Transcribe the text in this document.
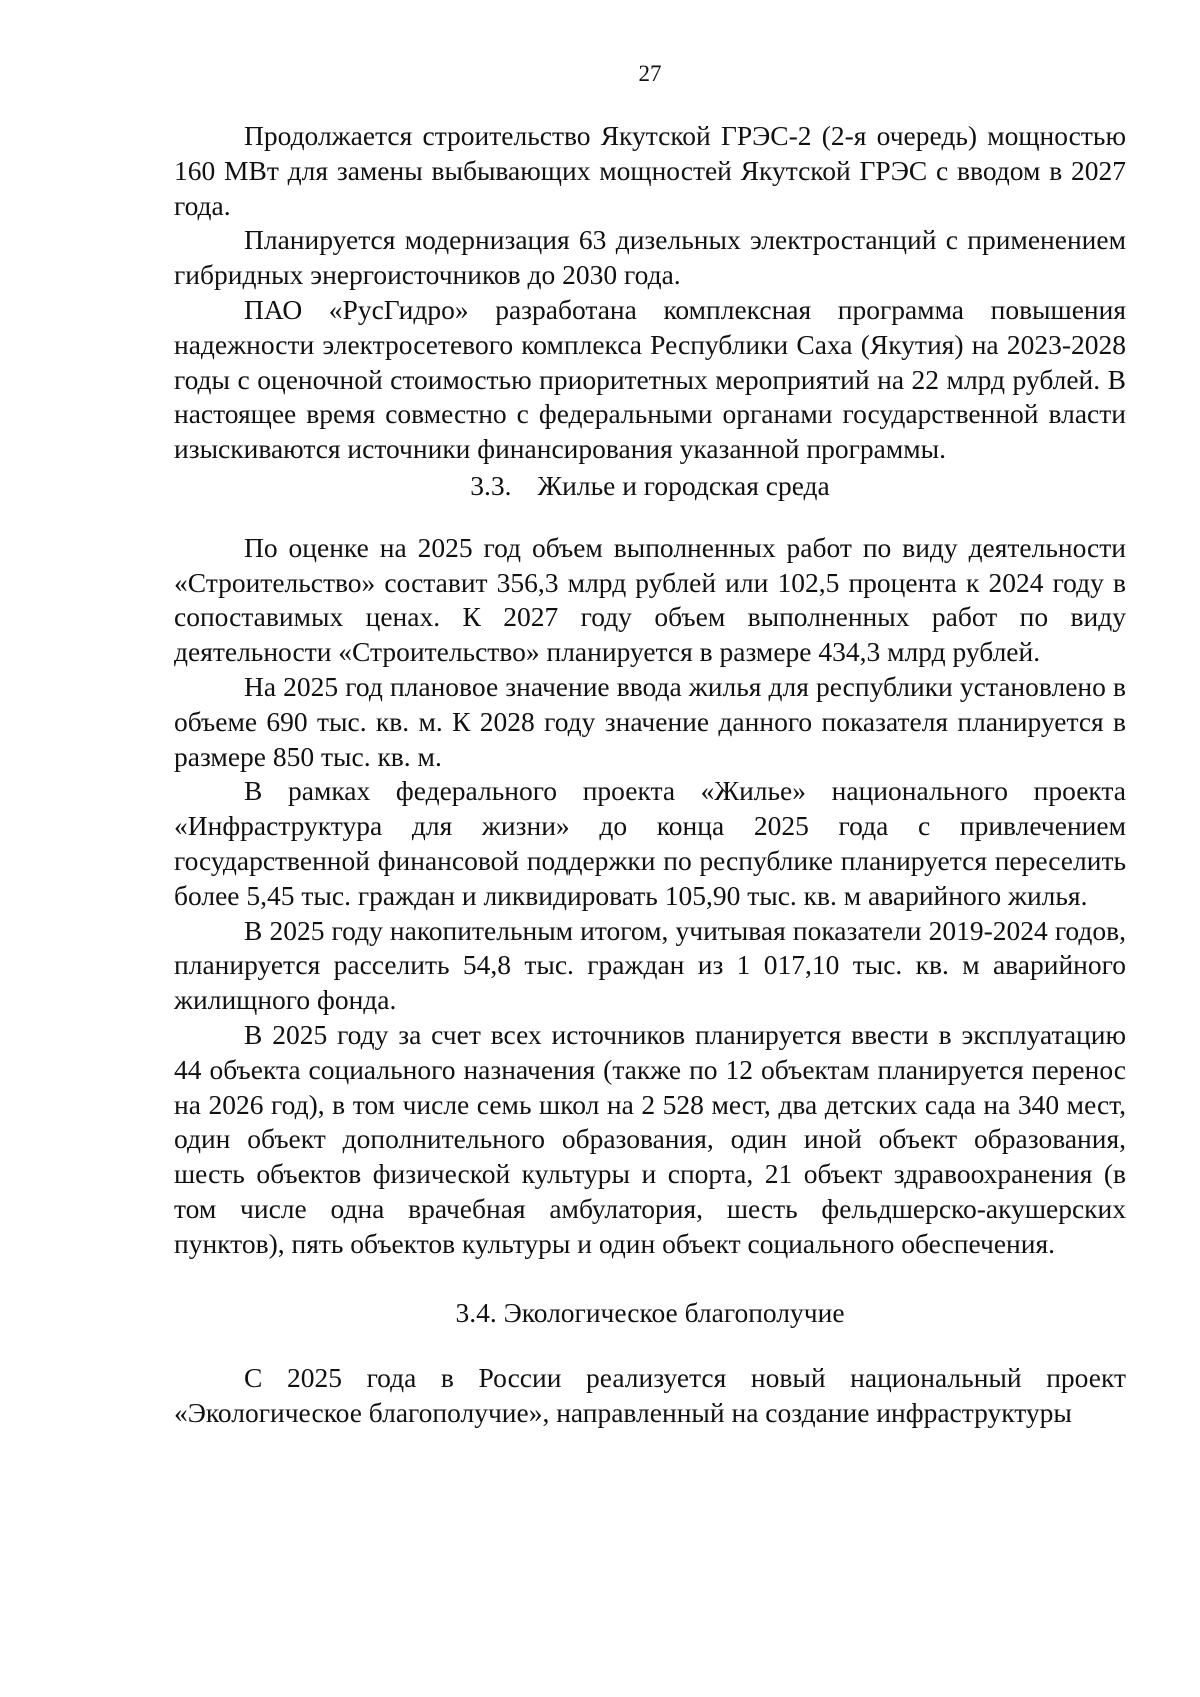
27

Продолжается строительство Якутской ГРЭС-2 (2-я очередь) мощностью 160 МВт для замены выбывающих мощностей Якутской ГРЭС с вводом в 2027 года.

Планируется модернизация 63 дизельных электростанций с применением гибридных энергоисточников до 2030 года.

ПАО «РусГидро» разработана комплексная программа повышения надежности электросетевого комплекса Республики Саха (Якутия) на 2023-2028 годы с оценочной стоимостью приоритетных мероприятий на 22 млрд рублей. В настоящее время совместно с федеральными органами государственной власти изыскиваются источники финансирования указанной программы.

3.3. Жилье и городская среда

По оценке на 2025 год объем выполненных работ по виду деятельности «Строительство» составит 356,3 млрд рублей или 102,5 процента к 2024 году в сопоставимых ценах. К 2027 году объем выполненных работ по виду деятельности «Строительство» планируется в размере 434,3 млрд рублей.

На 2025 год плановое значение ввода жилья для республики установлено в объеме 690 тыс. кв. м. К 2028 году значение данного показателя планируется в размере 850 тыс. кв. м.

В рамках федерального проекта «Жилье» национального проекта «Инфраструктура для жизни» до конца 2025 года с привлечением государственной финансовой поддержки по республике планируется переселить более 5,45 тыс. граждан и ликвидировать 105,90 тыс. кв. м аварийного жилья.

В 2025 году накопительным итогом, учитывая показатели 2019-2024 годов, планируется расселить 54,8 тыс. граждан из 1 017,10 тыс. кв. м аварийного жилищного фонда.

В 2025 году за счет всех источников планируется ввести в эксплуатацию 44 объекта социального назначения (также по 12 объектам планируется перенос на 2026 год), в том числе семь школ на 2 528 мест, два детских сада на 340 мест, один объект дополнительного образования, один иной объект образования, шесть объектов физической культуры и спорта, 21 объект здравоохранения (в том числе одна врачебная амбулатория, шесть фельдшерско-акушерских пунктов), пять объектов культуры и один объект социального обеспечения.

3.4. Экологическое благополучие

С 2025 года в России реализуется новый национальный проект «Экологическое благополучие», направленный на создание инфраструктуры
